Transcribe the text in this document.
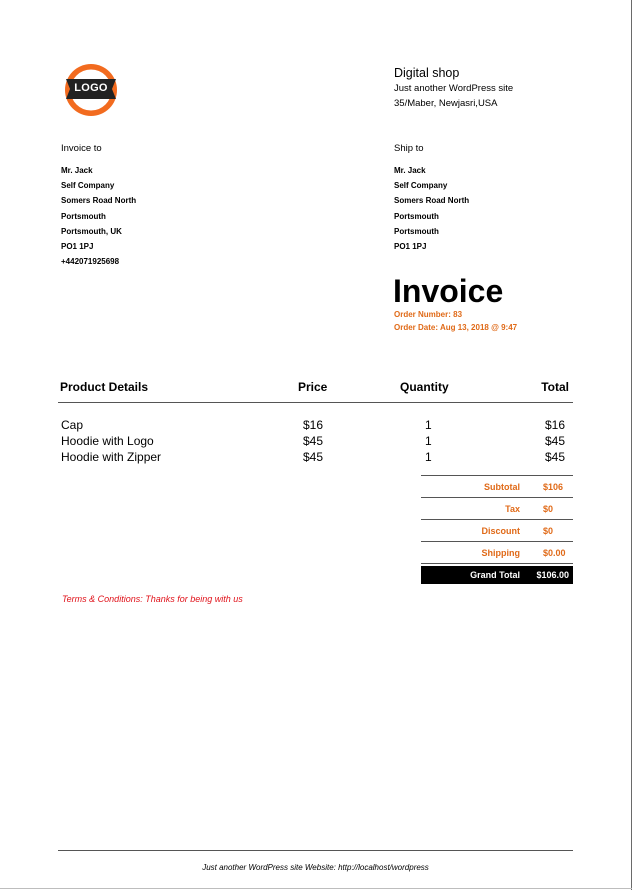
LOGO
Digital shop
Just another WordPress site
35/Maber, Newjasri,USA
Invoice to
Mr. Jack
Self Company
Somers Road North
Portsmouth
Portsmouth, UK
PO1 1PJ
+442071925698
Ship to
Mr. Jack
Self Company
Somers Road North
Portsmouth
Portsmouth
PO1 1PJ
Invoice
Order Number: 83
Order Date: Aug 13, 2018 @ 9:47
Product Details	Price	Quantity	Total
Cap	$16	1	$16
Hoodie with Logo	$45	1	$45
Hoodie with Zipper	$45	1	$45
Subtotal	$106
Tax	$0
Discount	$0
Shipping	$0.00
Grand Total $106.00
Terms & Conditions: Thanks for being with us
Just another WordPress site Website: http://localhost/wordpress
